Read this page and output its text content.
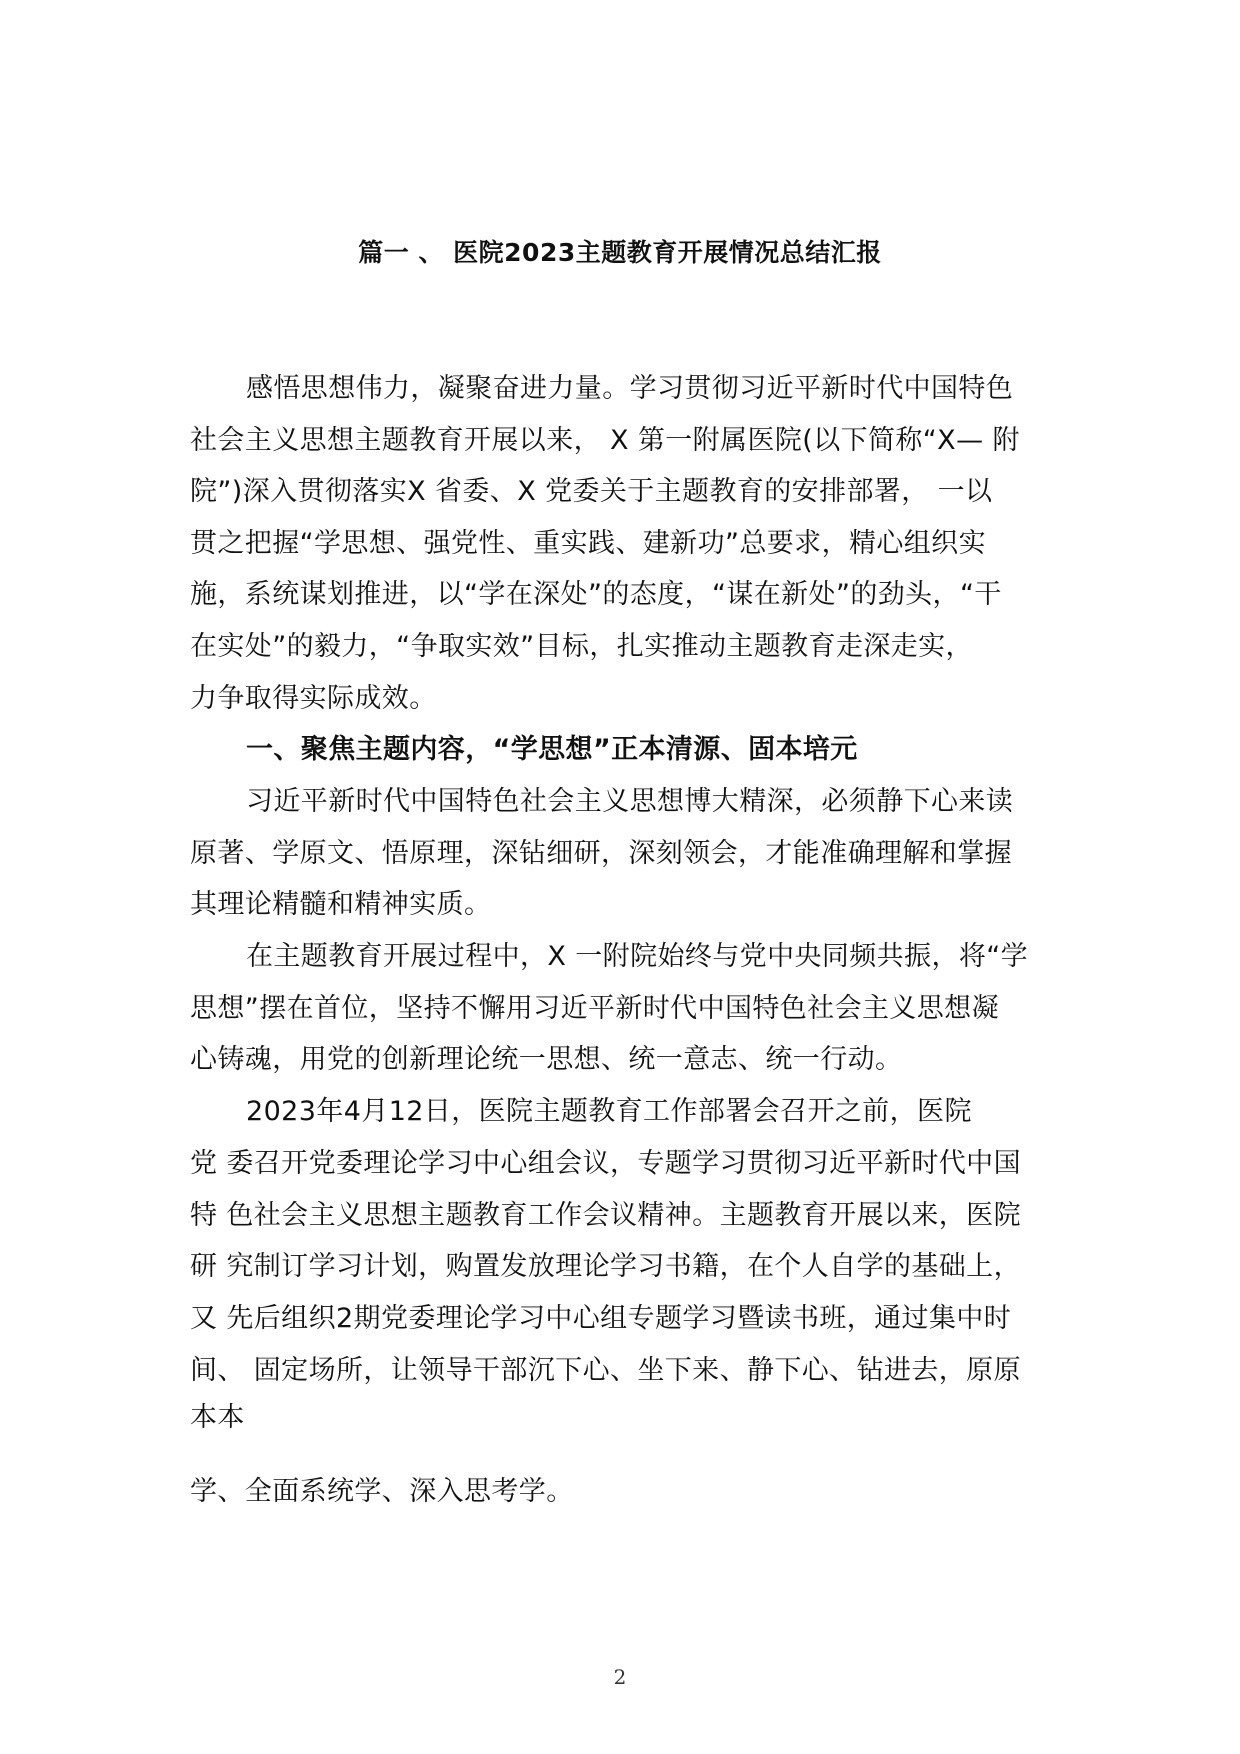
篇一 、 医院2023主题教育开展情况总结汇报
感悟思想伟力，凝聚奋进力量。学习贯彻习近平新时代中国特色
社会主义思想主题教育开展以来， X 第一附属医院(以下简称“X— 附
院”)深入贯彻落实X 省委、X 党委关于主题教育的安排部署， 一以
贯之把握“学思想、强党性、重实践、建新功”总要求，精心组织实
施，系统谋划推进，以“学在深处”的态度，“谋在新处”的劲头，“干
在实处”的毅力，“争取实效”目标，扎实推动主题教育走深走实，
力争取得实际成效。
一、聚焦主题内容，“学思想”正本清源、固本培元
习近平新时代中国特色社会主义思想博大精深，必须静下心来读
原著、学原文、悟原理，深钻细研，深刻领会，才能准确理解和掌握
其理论精髓和精神实质。
在主题教育开展过程中，X 一附院始终与党中央同频共振，将“学
思想”摆在首位，坚持不懈用习近平新时代中国特色社会主义思想凝
心铸魂，用党的创新理论统一思想、统一意志、统一行动。
2023年4月12日，医院主题教育工作部署会召开之前，医院
党 委召开党委理论学习中心组会议，专题学习贯彻习近平新时代中国
特 色社会主义思想主题教育工作会议精神。主题教育开展以来，医院
研 究制订学习计划，购置发放理论学习书籍，在个人自学的基础上，
又 先后组织2期党委理论学习中心组专题学习暨读书班，通过集中时
间、 固定场所，让领导干部沉下心、坐下来、静下心、钻进去，原原
本本
学、全面系统学、深入思考学。
2
